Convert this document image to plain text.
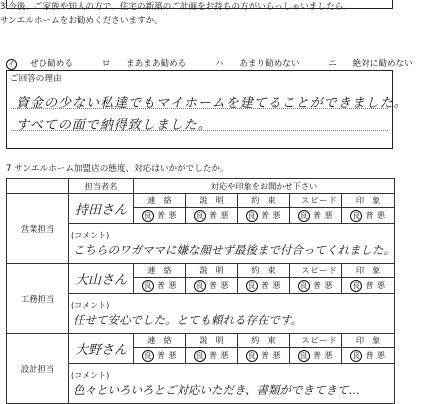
3 今後、ご家族や知人の方で、住宅の新築のご計画をお持ちの方がいらっしゃいましたら、
サンエルホームをお勧めくださいますか。
イ ぜひ勧める	ロ まあまあ勧める	ハ あまり勧めない	ニ 絶対に勧めない
ご回答の理由
資金の少ない私達でもマイホームを建てることができました。
すべての面で納得致しました。
7 サンエルホーム加盟店の態度、対応はいかがでしたか。
	担当者名	対応や印象をお聞かせ下さい				
営業担当	持田さん	連絡	説明	約束	スピード	印象
		良 普 悪	良 普 悪	良 普 悪	良 普 悪	良 普 悪

	(コメント)
こちらのワガママに嫌な顔せず最後まで付合ってくれました。					

工務担当	大山さん	連絡	説明	約束	スピード	印象
		良 普 悪	良 普 悪	良 普 悪	良 普 悪	良 普 悪

	(コメント)
任せて安心でした。とても頼れる存在です。					

設計担当	大野さん	連絡	説明	約束	スピード	印象
		良 普 悪	良 普 悪	良 普 悪	良 普 悪	良 普 悪

	(コメント)
色々といろいろとご対応いただき、書類ができてきて...					
